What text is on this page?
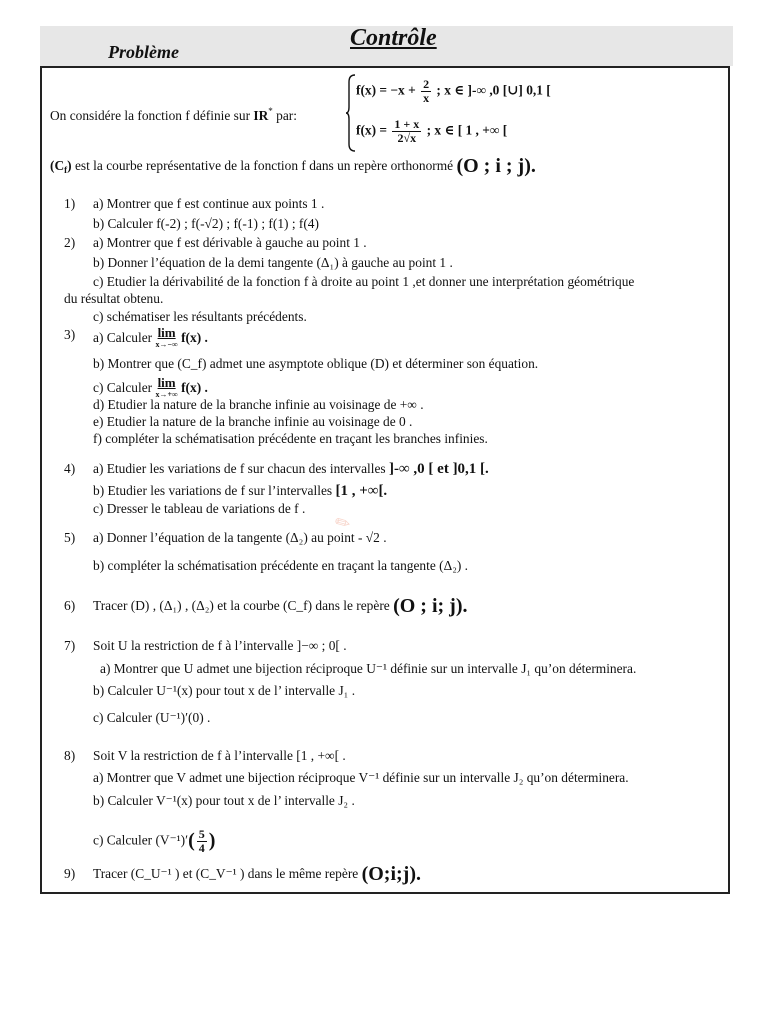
Problème
Contrôle
On considére la fonction f définie sur IR* par:
$f(x) = -x + \frac{2}{x}$ ; x ∈ ]-∞ ,0 [∪] 0,1 [
$f(x) = \frac{1 + x}{2√x}$ ; x ∈ [ 1 , +∞ [
$(C_f)$ est la courbe représentative de la fonction f dans un repère orthonormé (O ; i ; j).
1) a) Montrer que f est continue aux points 1 .
b) Calculer f(-2) ; f(-√2) ; f(-1) ; f(1) ; f(4)
2) a) Montrer que f est dérivable à gauche au point 1 .
b) Donner l’équation de la demi tangente (Δ₁) à gauche au point 1 .
c) Etudier la dérivabilité de la fonction f à droite au point 1 ,et donner une interprétation géométrique
du résultat obtenu.
c) schématiser les résultants précédents.
3) a) Calculer lim
x→−∞ f(x) .
b) Montrer que (C_f) admet une asymptote oblique (D) et déterminer son équation.
c) Calculer lim
x→+∞ f(x) .
d) Etudier la nature de la branche infinie au voisinage de +∞ .
e) Etudier la nature de la branche infinie au voisinage de 0 .
f) compléter la schématisation précédente en traçant les branches infinies.
4) a) Etudier les variations de f sur chacun des intervalles ]-∞ ,0 [ et ]0,1 [.
b) Etudier les variations de f sur l’intervalles [1 , +∞[.
c) Dresser le tableau de variations de f .
✎
5) a) Donner l’équation de la tangente (Δ₂) au point - √2 .
b) compléter la schématisation précédente en traçant la tangente (Δ₂) .
6) Tracer (D) , (Δ₁) , (Δ₂) et la courbe (C_f) dans le repère (O ; i; j).
7) Soit U la restriction de f à l’intervalle ]−∞ ; 0[ .
a) Montrer que U admet une bijection réciproque U⁻¹ définie sur un intervalle J₁ qu’on déterminera.
b) Calculer U⁻¹(x) pour tout x de l’ intervalle J₁ .
c) Calculer (U⁻¹)′(0) .
8) Soit V la restriction de f à l’intervalle [1 , +∞[ .
a) Montrer que V admet une bijection réciproque V⁻¹ définie sur un intervalle J₂ qu’on déterminera.
b) Calculer V⁻¹(x) pour tout x de l’ intervalle J₂ .
c) Calculer $(V^{-1})'( \frac{5}{4}$ )
9) Tracer (C_U⁻¹ ) et (C_V⁻¹ ) dans le même repère (O;i;j).
